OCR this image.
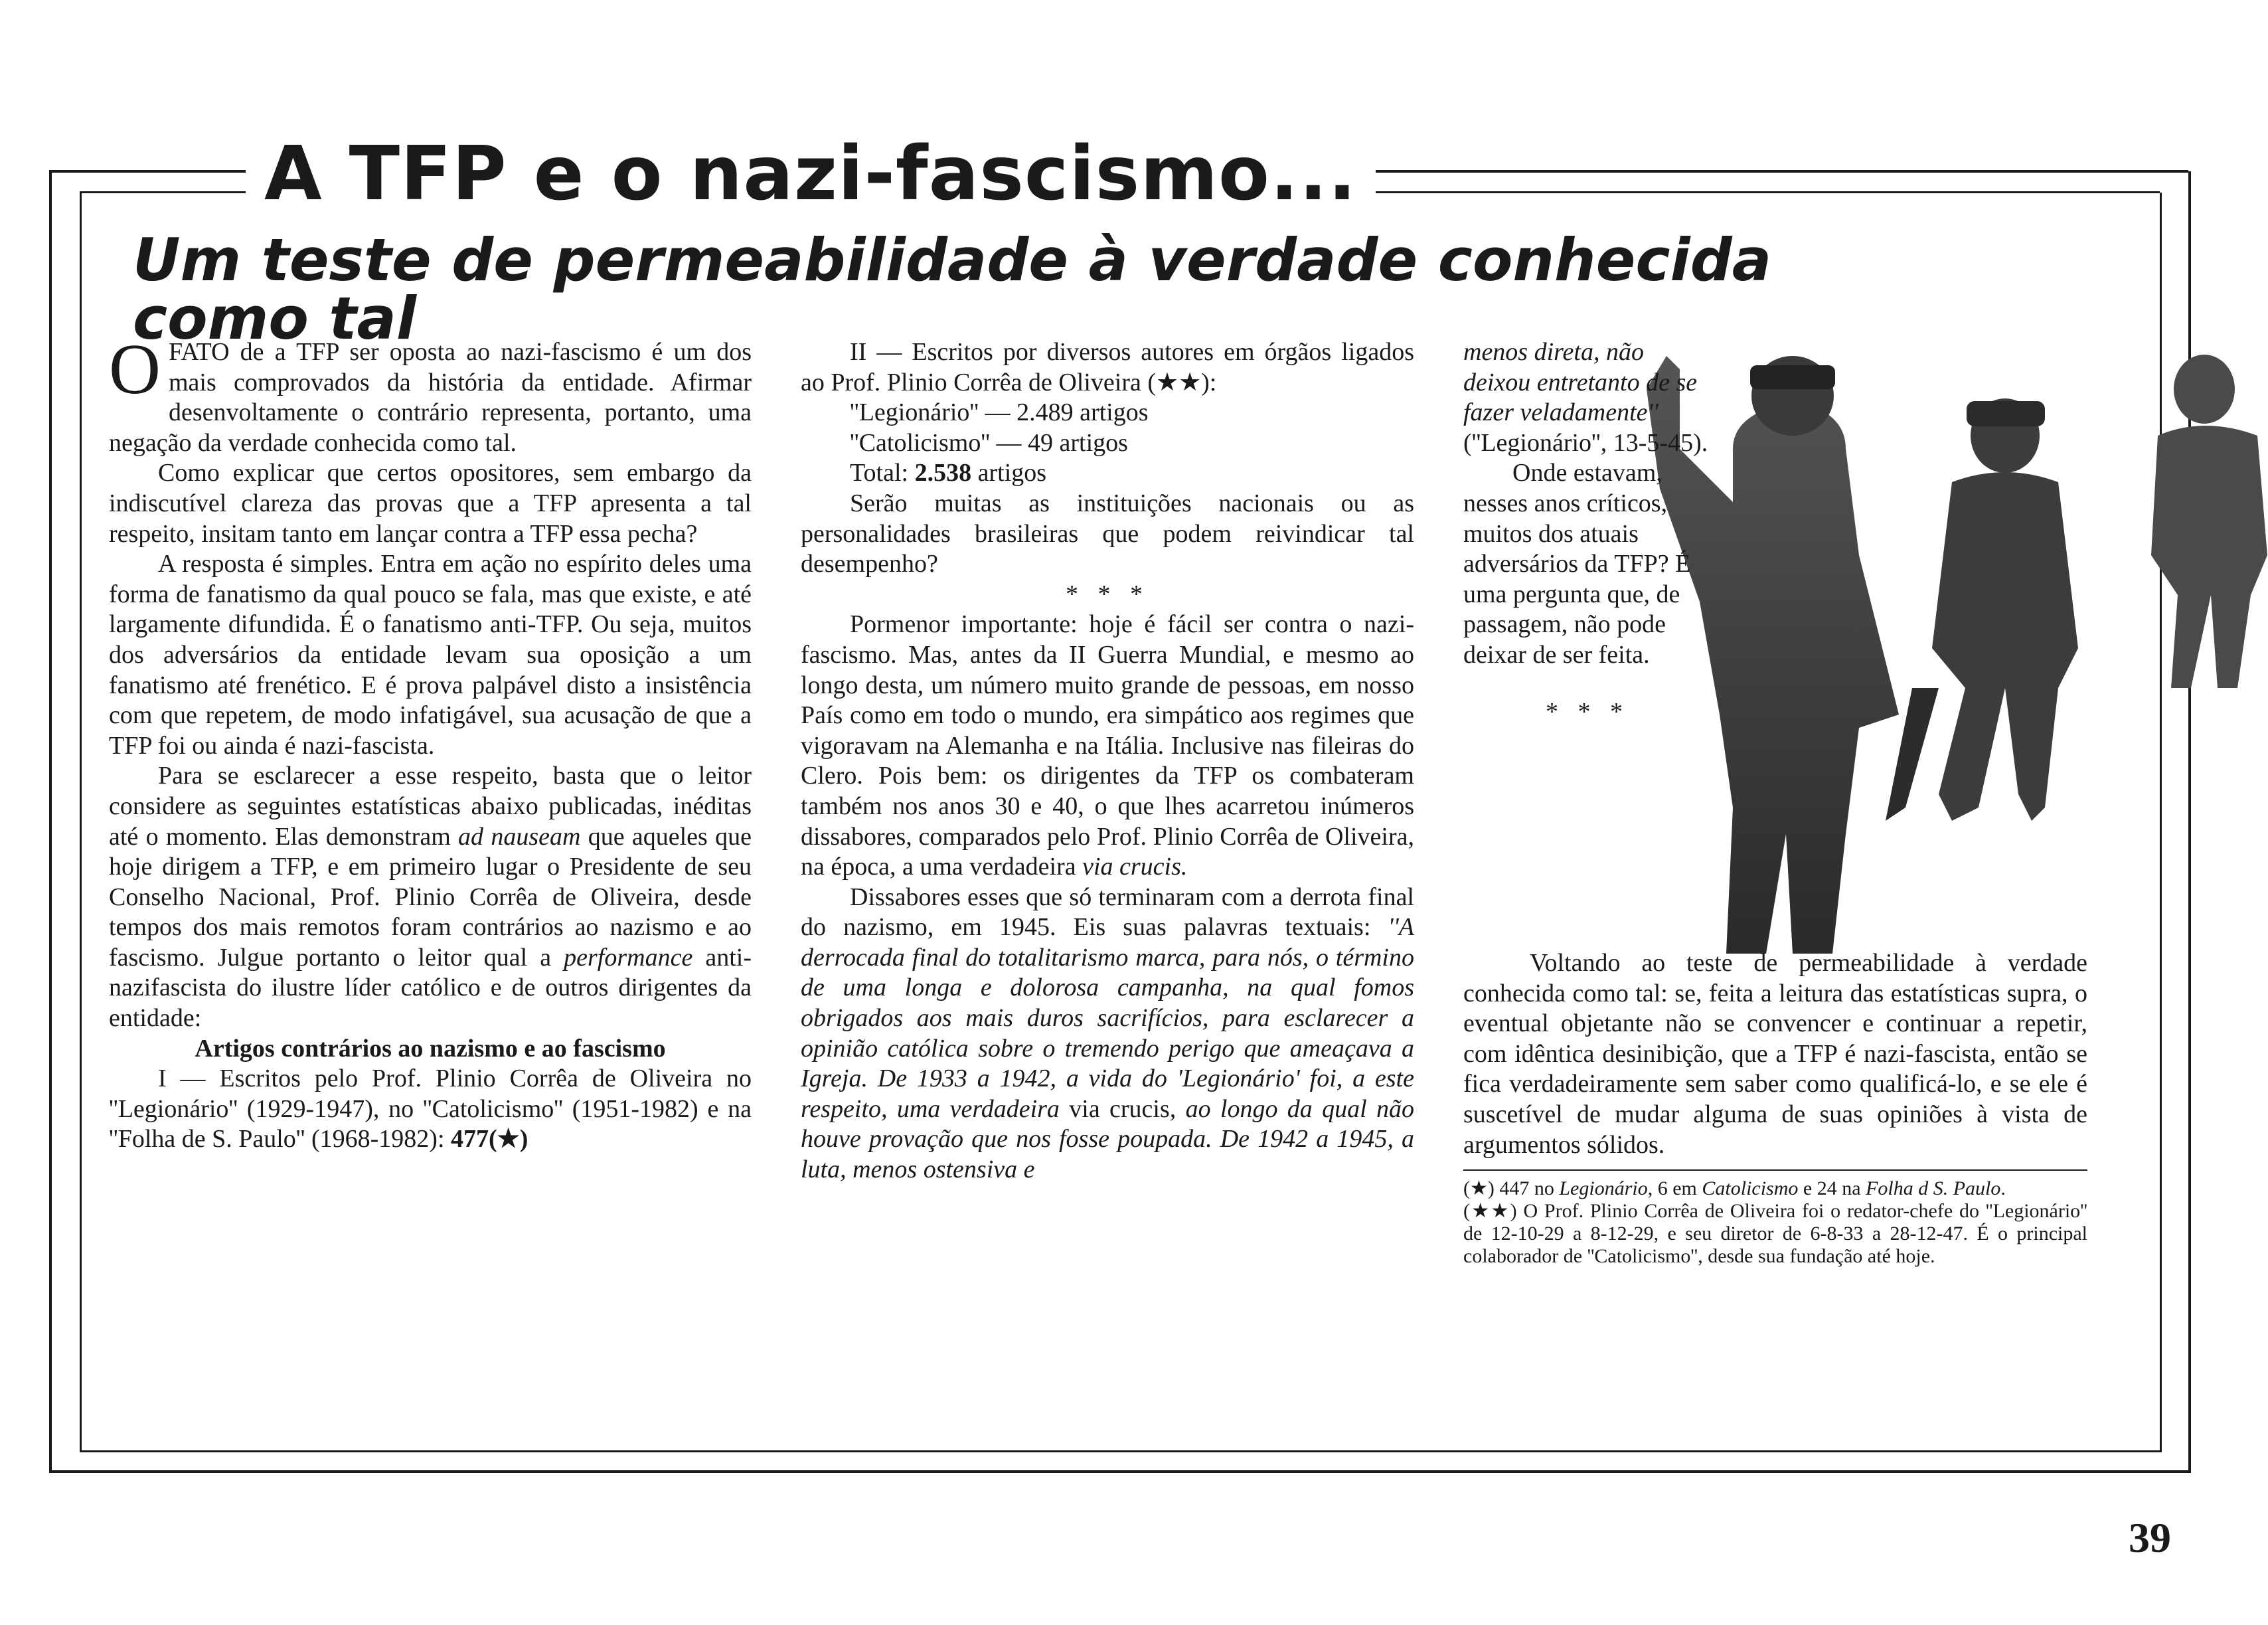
A TFP e o nazi-fascismo...
Um teste de permeabilidade à verdade conhecida como tal

OFATO de a TFP ser oposta ao nazi-fascismo é um dos mais comprovados da história da entidade. Afirmar desenvoltamente o contrário representa, portanto, uma negação da verdade conhecida como tal.

Como explicar que certos opositores, sem embargo da indiscutível clareza das provas que a TFP apresenta a tal respeito, insitam tanto em lançar contra a TFP essa pecha?

A resposta é simples. Entra em ação no espírito deles uma forma de fanatismo da qual pouco se fala, mas que existe, e até largamente difundida. É o fanatismo anti-TFP. Ou seja, muitos dos adversários da entidade levam sua oposição a um fanatismo até frenético. E é prova palpável disto a insistência com que repetem, de modo infatigável, sua acusação de que a TFP foi ou ainda é nazi-fascista.

Para se esclarecer a esse respeito, basta que o leitor considere as seguintes estatísticas abaixo publicadas, inéditas até o momento. Elas demonstram ad nauseam que aqueles que hoje dirigem a TFP, e em primeiro lugar o Presidente de seu Conselho Nacional, Prof. Plinio Corrêa de Oliveira, desde tempos dos mais remotos foram contrários ao nazismo e ao fascismo. Julgue portanto o leitor qual a performance anti-nazifascista do ilustre líder católico e de outros dirigentes da entidade:

Artigos contrários ao nazismo e ao fascismo

I — Escritos pelo Prof. Plinio Corrêa de Oliveira no ''Legionário'' (1929-1947), no ''Catolicismo'' (1951-1982) e na ''Folha de S. Paulo'' (1968-1982): 477(★)

II — Escritos por diversos autores em órgãos ligados ao Prof. Plinio Corrêa de Oliveira (★★):

''Legionário'' — 2.489 artigos

''Catolicismo'' — 49 artigos

Total: 2.538 artigos

Serão muitas as instituições nacionais ou as personalidades brasileiras que podem reivindicar tal desempenho?

* * *

Pormenor importante: hoje é fácil ser contra o nazi-fascismo. Mas, antes da II Guerra Mundial, e mesmo ao longo desta, um número muito grande de pessoas, em nosso País como em todo o mundo, era simpático aos regimes que vigoravam na Alemanha e na Itália. Inclusive nas fileiras do Clero. Pois bem: os dirigentes da TFP os combateram também nos anos 30 e 40, o que lhes acarretou inúmeros dissabores, comparados pelo Prof. Plinio Corrêa de Oliveira, na época, a uma verdadeira via crucis.

Dissabores esses que só terminaram com a derrota final do nazismo, em 1945. Eis suas palavras textuais: ''A derrocada final do totalitarismo marca, para nós, o término de uma longa e dolorosa campanha, na qual fomos obrigados aos mais duros sacrifícios, para esclarecer a opinião católica sobre o tremendo perigo que ameaçava a Igreja. De 1933 a 1942, a vida do 'Legionário' foi, a este respeito, uma verdadeira via crucis, ao longo da qual não houve provação que nos fosse poupada. De 1942 a 1945, a luta, menos ostensiva e

menos direta, não deixou entretanto de se fazer veladamente'' (''Legionário'', 13-5-45).

Onde estavam, nesses anos críticos, muitos dos atuais adversários da TFP? É uma pergunta que, de passagem, não pode deixar de ser feita.

* * *

Voltando ao teste de permeabilidade à verdade conhecida como tal: se, feita a leitura das estatísticas supra, o eventual objetante não se convencer e continuar a repetir, com idêntica desinibição, que a TFP é nazi-fascista, então se fica verdadeiramente sem saber como qualificá-lo, e se ele é suscetível de mudar alguma de suas opiniões à vista de argumentos sólidos.

(★) 447 no Legionário, 6 em Catolicismo e 24 na Folha d S. Paulo.

(★★) O Prof. Plinio Corrêa de Oliveira foi o redator-chefe do ''Legionário'' de 12-10-29 a 8-12-29, e seu diretor de 6-8-33 a 28-12-47. É o principal colaborador de ''Catolicismo'', desde sua fundação até hoje.

39
